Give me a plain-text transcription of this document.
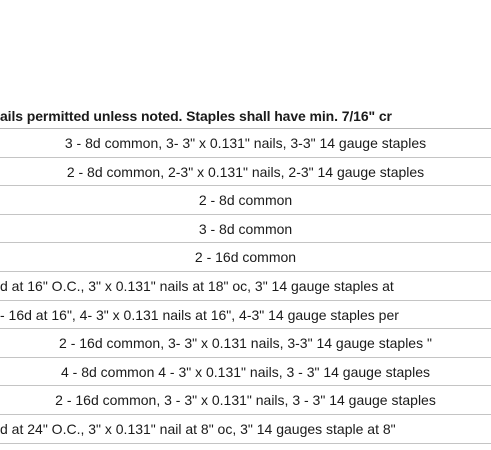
ails permitted unless noted. Staples shall have min. 7/16" cr
3 - 8d common, 3- 3" x 0.131" nails, 3-3" 14 gauge staples
2 - 8d common, 2-3" x 0.131" nails, 2-3" 14 gauge staples
2 - 8d common
3 - 8d common
2 - 16d common
d at 16" O.C., 3" x 0.131" nails at 18" oc, 3" 14 gauge staples at
- 16d at 16", 4- 3" x 0.131 nails at 16", 4-3" 14 gauge staples per
2 - 16d common, 3- 3" x 0.131 nails, 3-3" 14 gauge staples "
4 - 8d common 4 - 3" x 0.131" nails, 3 - 3" 14 gauge staples
2 - 16d common, 3 - 3" x 0.131" nails, 3 - 3" 14 gauge staples
d at 24" O.C., 3" x 0.131" nail at 8" oc, 3" 14 gauges staple at 8"
